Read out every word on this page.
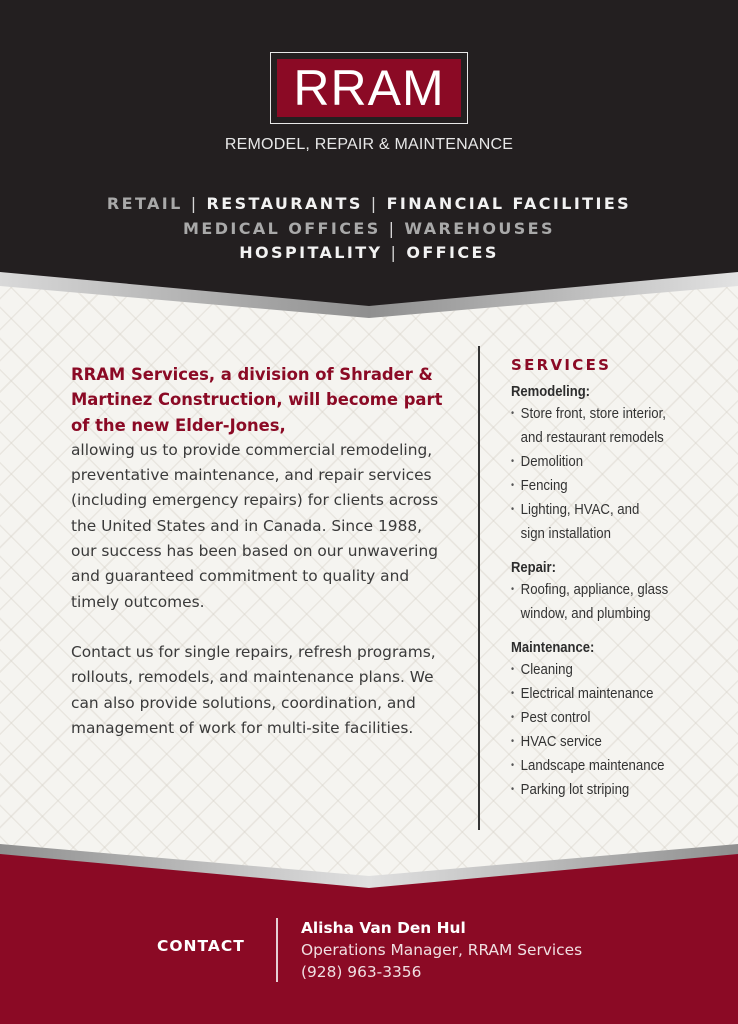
RRAM
REMODEL, REPAIR & MAINTENANCE
RETAIL | RESTAURANTS | FINANCIAL FACILITIES
MEDICAL OFFICES | WAREHOUSES
HOSPITALITY | OFFICES
RRAM Services, a division of Shrader & Martinez Construction, will become part of the new Elder-Jones,
allowing us to provide commercial remodeling, preventative maintenance, and repair services (including emergency repairs) for clients across the United States and in Canada. Since 1988, our success has been based on our unwavering and guaranteed commitment to quality and timely outcomes.
Contact us for single repairs, refresh programs, rollouts, remodels, and maintenance plans. We can also provide solutions, coordination, and management of work for multi-site facilities.
SERVICES
Remodeling:
• Store front, store interior,
and restaurant remodels
• Demolition
• Fencing
• Lighting, HVAC, and
sign installation
Repair:
• Roofing, appliance, glass
window, and plumbing
Maintenance:
• Cleaning
• Electrical maintenance
• Pest control
• HVAC service
• Landscape maintenance
• Parking lot striping
CONTACT
Alisha Van Den Hul
Operations Manager, RRAM Services
(928) 963-3356
